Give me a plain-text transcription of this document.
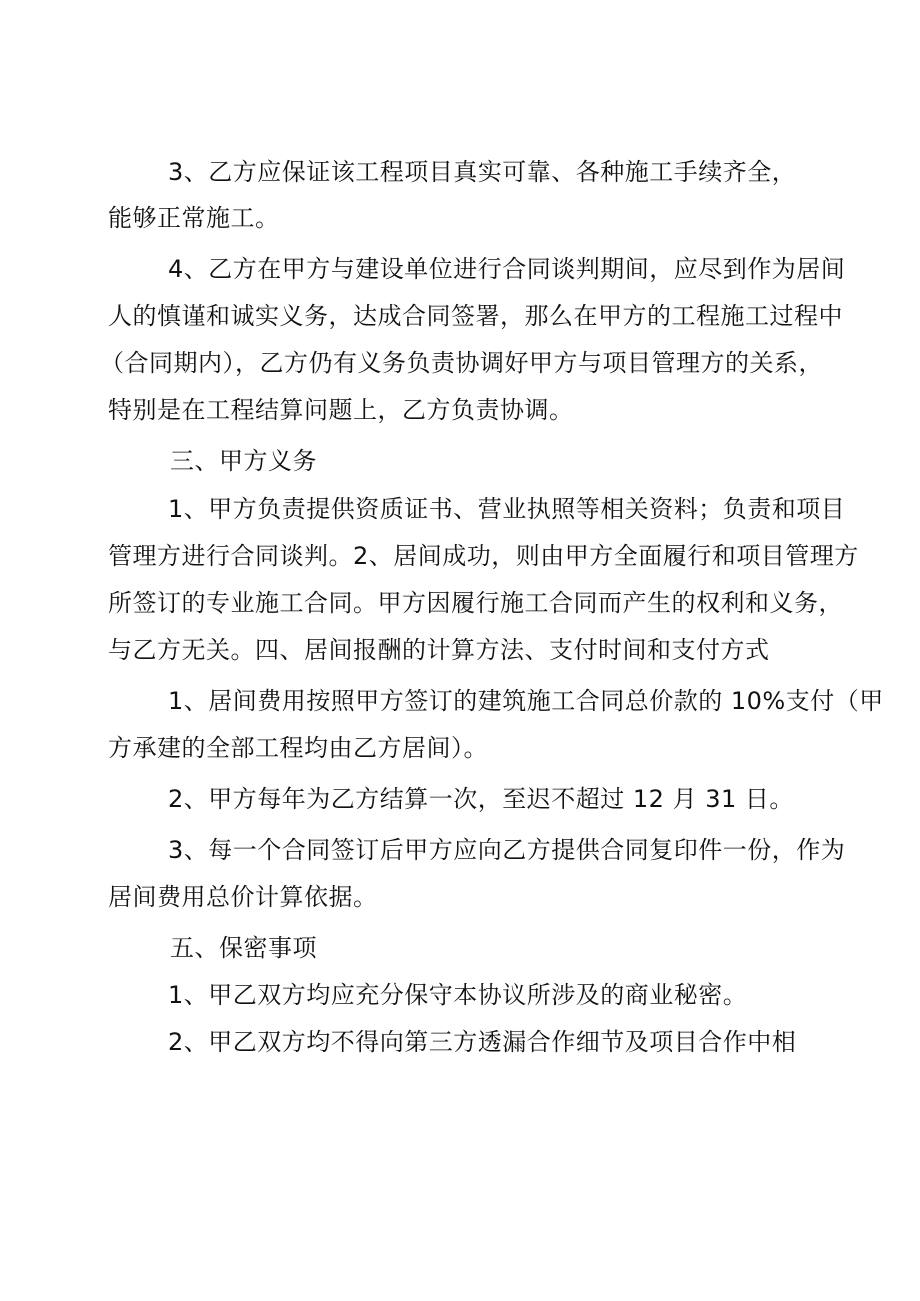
3、乙方应保证该工程项目真实可靠、各种施工手续齐全，
能够正常施工。
4、乙方在甲方与建设单位进行合同谈判期间，应尽到作为居间
人的慎谨和诚实义务，达成合同签署，那么在甲方的工程施工过程中
（合同期内），乙方仍有义务负责协调好甲方与项目管理方的关系，
特别是在工程结算问题上，乙方负责协调。
三、甲方义务
1、甲方负责提供资质证书、营业执照等相关资料；负责和项目
管理方进行合同谈判。2、居间成功，则由甲方全面履行和项目管理方
所签订的专业施工合同。甲方因履行施工合同而产生的权利和义务，
与乙方无关。四、居间报酬的计算方法、支付时间和支付方式
1、居间费用按照甲方签订的建筑施工合同总价款的 10%支付（甲
方承建的全部工程均由乙方居间）。
2、甲方每年为乙方结算一次，至迟不超过 12 月 31 日。
3、每一个合同签订后甲方应向乙方提供合同复印件一份，作为
居间费用总价计算依据。
五、保密事项
1、甲乙双方均应充分保守本协议所涉及的商业秘密。
2、甲乙双方均不得向第三方透漏合作细节及项目合作中相
